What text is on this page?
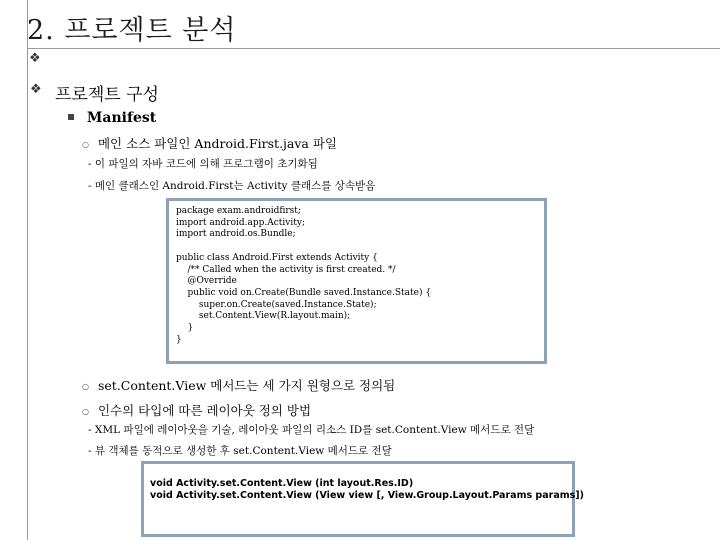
2. 프로젝트 분석
❖
❖ 프로젝트 구성
Manifest
○ 메인 소스 파일인 Android.First.java 파일
- 이 파일의 자바 코드에 의해 프로그램이 초기화됨
- 메인 클래스인 Android.First는 Activity 클래스를 상속받음
package exam.androidfirst;
import android.app.Activity;
import android.os.Bundle;

public class Android.First extends Activity {
/** Called when the activity is first created. */
@Override
public void on.Create(Bundle saved.Instance.State) {
super.on.Create(saved.Instance.State);
set.Content.View(R.layout.main);
}
}
○ set.Content.View 메서드는 세 가지 원형으로 정의됨
○ 인수의 타입에 따른 레이아웃 정의 방법
- XML 파일에 레이아웃을 기술, 레이아웃 파일의 리소스 ID를 set.Content.View 메서드로 전달
- 뷰 객체를 동적으로 생성한 후 set.Content.View 메서드로 전달
void Activity.set.Content.View (int layout.Res.ID)
void Activity.set.Content.View (View view [, View.Group.Layout.Params params])
